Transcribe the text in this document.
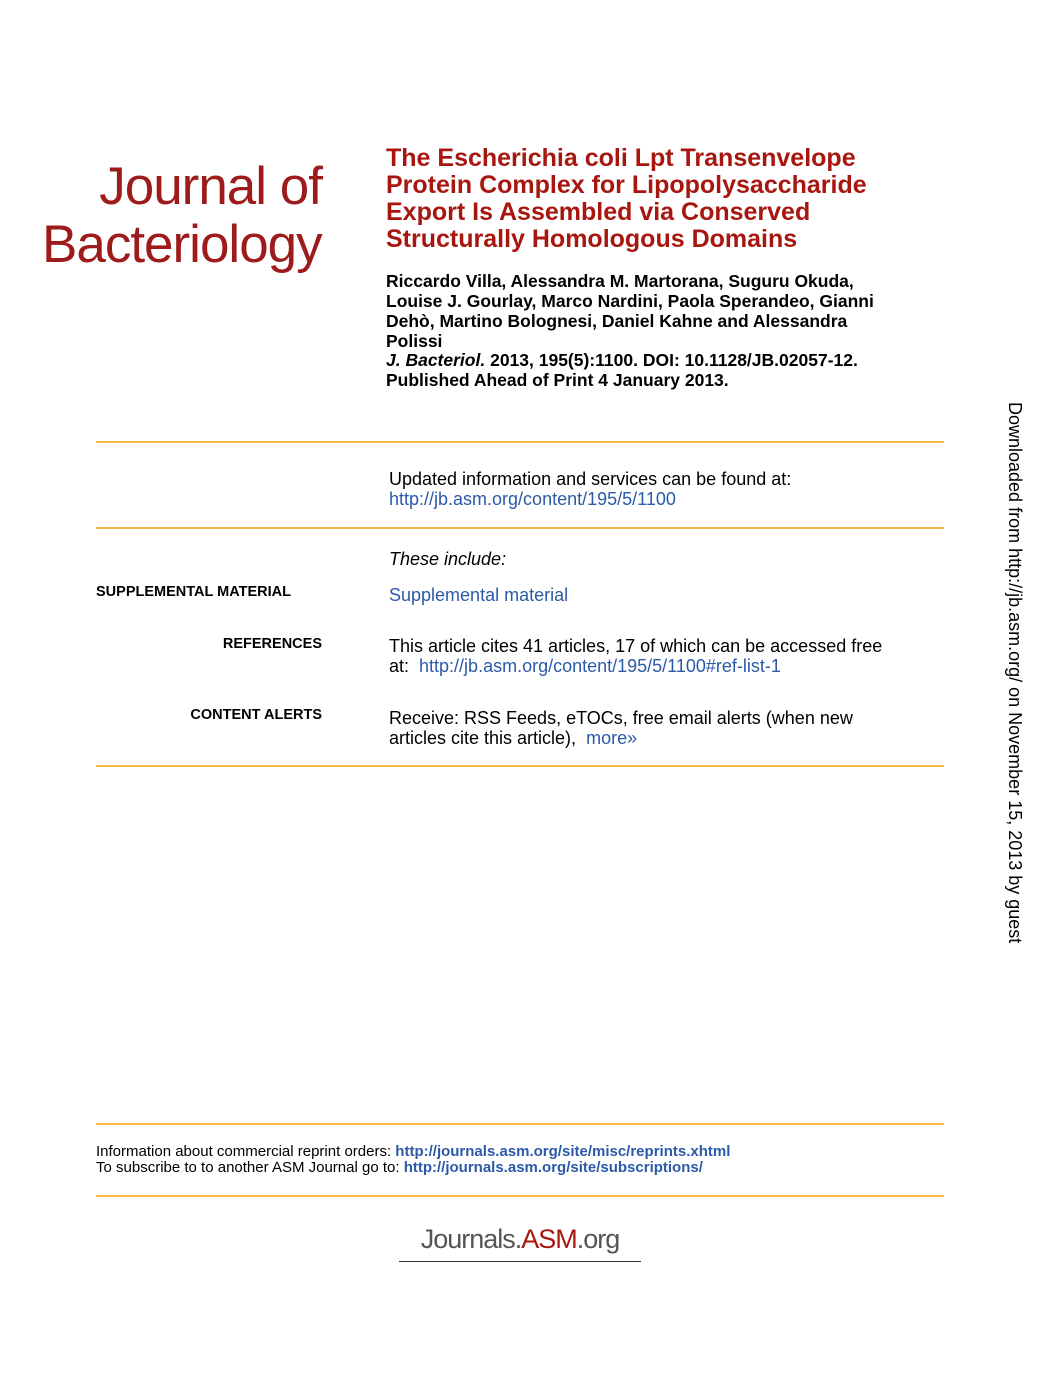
Journal of
Bacteriology
The Escherichia coli Lpt Transenvelope
Protein Complex for Lipopolysaccharide
Export Is Assembled via Conserved
Structurally Homologous Domains
Riccardo Villa, Alessandra M. Martorana, Suguru Okuda,
Louise J. Gourlay, Marco Nardini, Paola Sperandeo, Gianni
Dehò, Martino Bolognesi, Daniel Kahne and Alessandra
Polissi
J. Bacteriol. 2013, 195(5):1100. DOI: 10.1128/JB.02057-12.
Published Ahead of Print 4 January 2013.
Updated information and services can be found at:
http://jb.asm.org/content/195/5/1100
These include:
SUPPLEMENTAL MATERIAL	Supplemental material
REFERENCES	This article cites 41 articles, 17 of which can be accessed free
at: http://jb.asm.org/content/195/5/1100#ref-list-1
CONTENT ALERTS	Receive: RSS Feeds, eTOCs, free email alerts (when new
articles cite this article), more»	Downloaded from http://jb.asm.org/ on November 15, 2013 by guest
Information about commercial reprint orders: http://journals.asm.org/site/misc/reprints.xhtml
To subscribe to to another ASM Journal go to: http://journals.asm.org/site/subscriptions/
Journals.ASM.org
